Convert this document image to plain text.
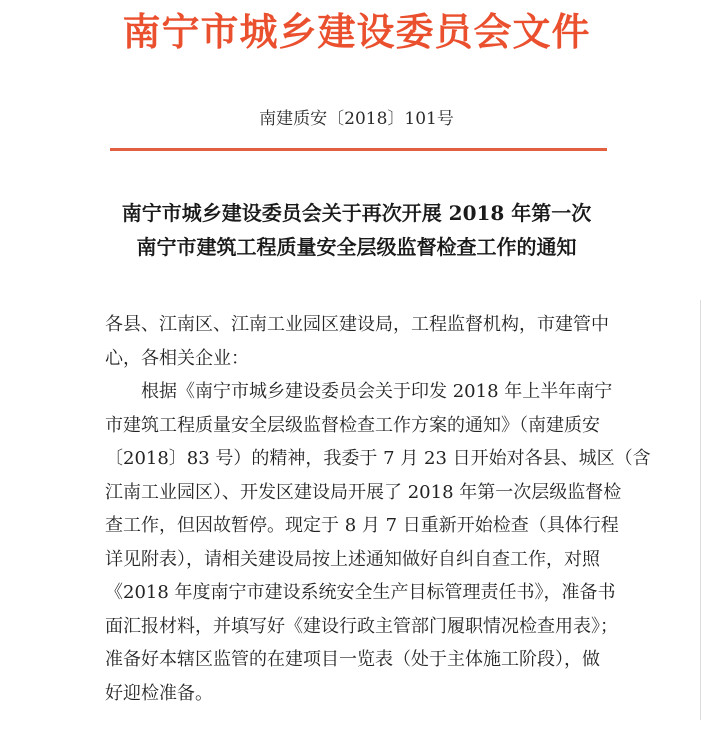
南宁市城乡建设委员会文件
南建质安〔2018〕101号
南宁市城乡建设委员会关于再次开展 2018 年第一次
南宁市建筑工程质量安全层级监督检查工作的通知
各县、江南区、江南工业园区建设局，工程监督机构，市建管中
心，各相关企业：
　　根据《南宁市城乡建设委员会关于印发 2018 年上半年南宁
市建筑工程质量安全层级监督检查工作方案的通知》（南建质安
〔2018〕83 号）的精神，我委于 7 月 23 日开始对各县、城区（含
江南工业园区）、开发区建设局开展了 2018 年第一次层级监督检
查工作，但因故暂停。现定于 8 月 7 日重新开始检查（具体行程
详见附表），请相关建设局按上述通知做好自纠自查工作，对照
《2018 年度南宁市建设系统安全生产目标管理责任书》，准备书
面汇报材料，并填写好《建设行政主管部门履职情况检查用表》；
准备好本辖区监管的在建项目一览表（处于主体施工阶段），做
好迎检准备。
